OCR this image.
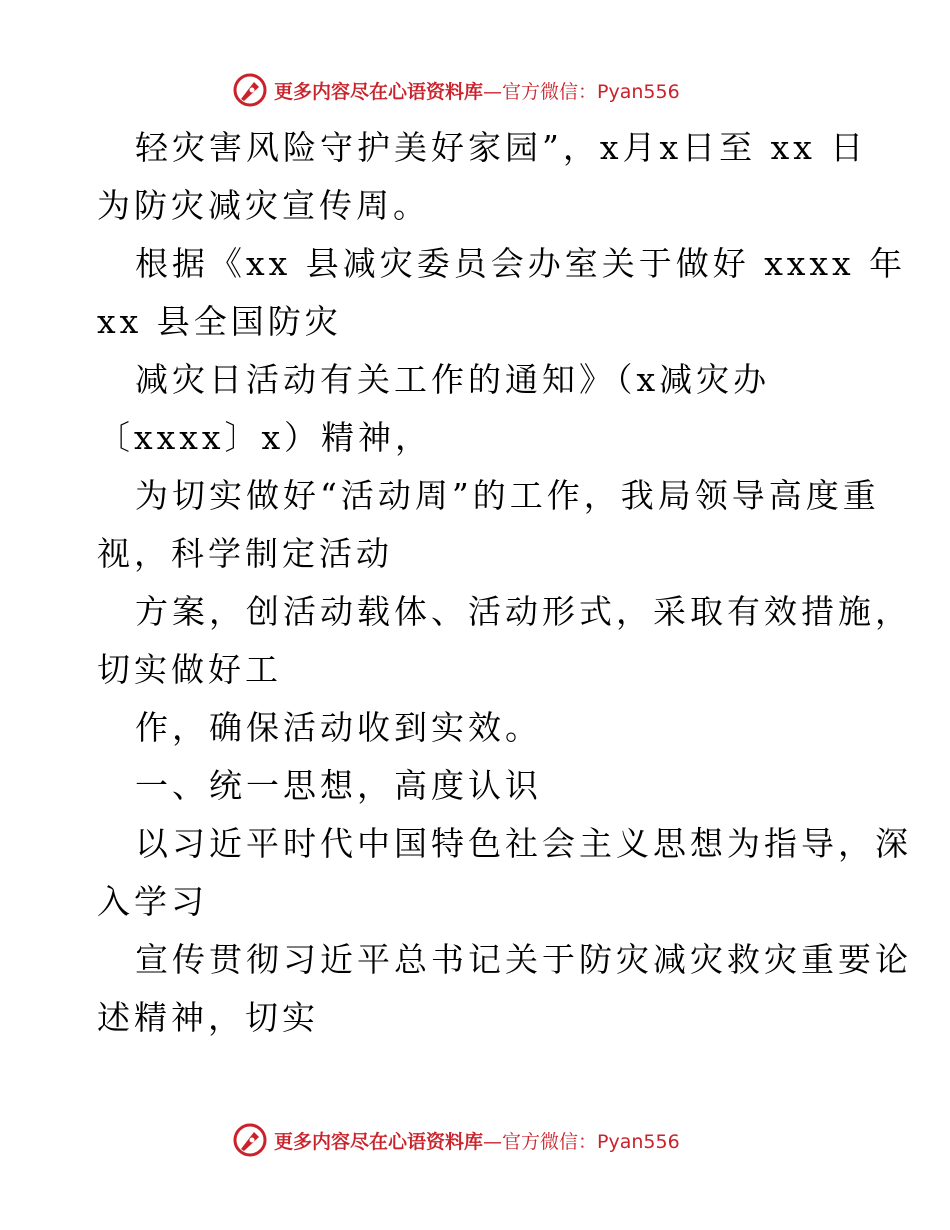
更多内容尽在心语资料库—官方微信：Pyan556
轻灾害风险守护美好家园”，x月x日至 xx 日
为防灾减灾宣传周。
根据《xx 县减灾委员会办室关于做好 xxxx 年
xx 县全国防灾
减灾日活动有关工作的通知》（x减灾办
〔xxxx〕x）精神，
为切实做好“活动周”的工作，我局领导高度重
视，科学制定活动
方案，创活动载体、活动形式，采取有效措施，
切实做好工
作，确保活动收到实效。
一、统一思想，高度认识
以习近平时代中国特色社会主义思想为指导，深
入学习
宣传贯彻习近平总书记关于防灾减灾救灾重要论
述精神，切实
更多内容尽在心语资料库—官方微信：Pyan556
